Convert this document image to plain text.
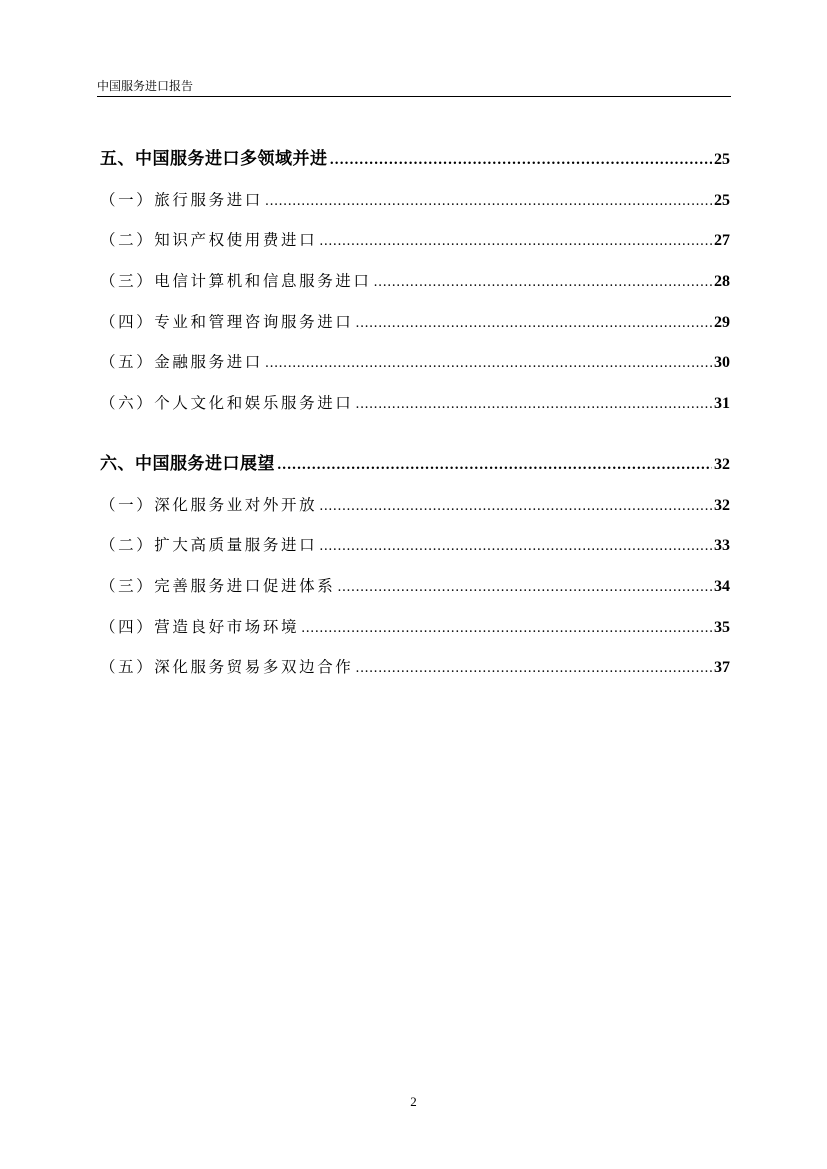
中国服务进口报告
五、中国服务进口多领域并进 .....	25
（一）旅行服务进口 .....	25
（二）知识产权使用费进口 .....	27
（三）电信计算机和信息服务进口 .....	28
（四）专业和管理咨询服务进口 .....	29
（五）金融服务进口 .....	30
（六）个人文化和娱乐服务进口 .....	31
六、中国服务进口展望 .....	32
（一）深化服务业对外开放 .....	32
（二）扩大高质量服务进口 .....	33
（三）完善服务进口促进体系 .....	34
（四）营造良好市场环境 .....	35
（五）深化服务贸易多双边合作 .....	37
2
